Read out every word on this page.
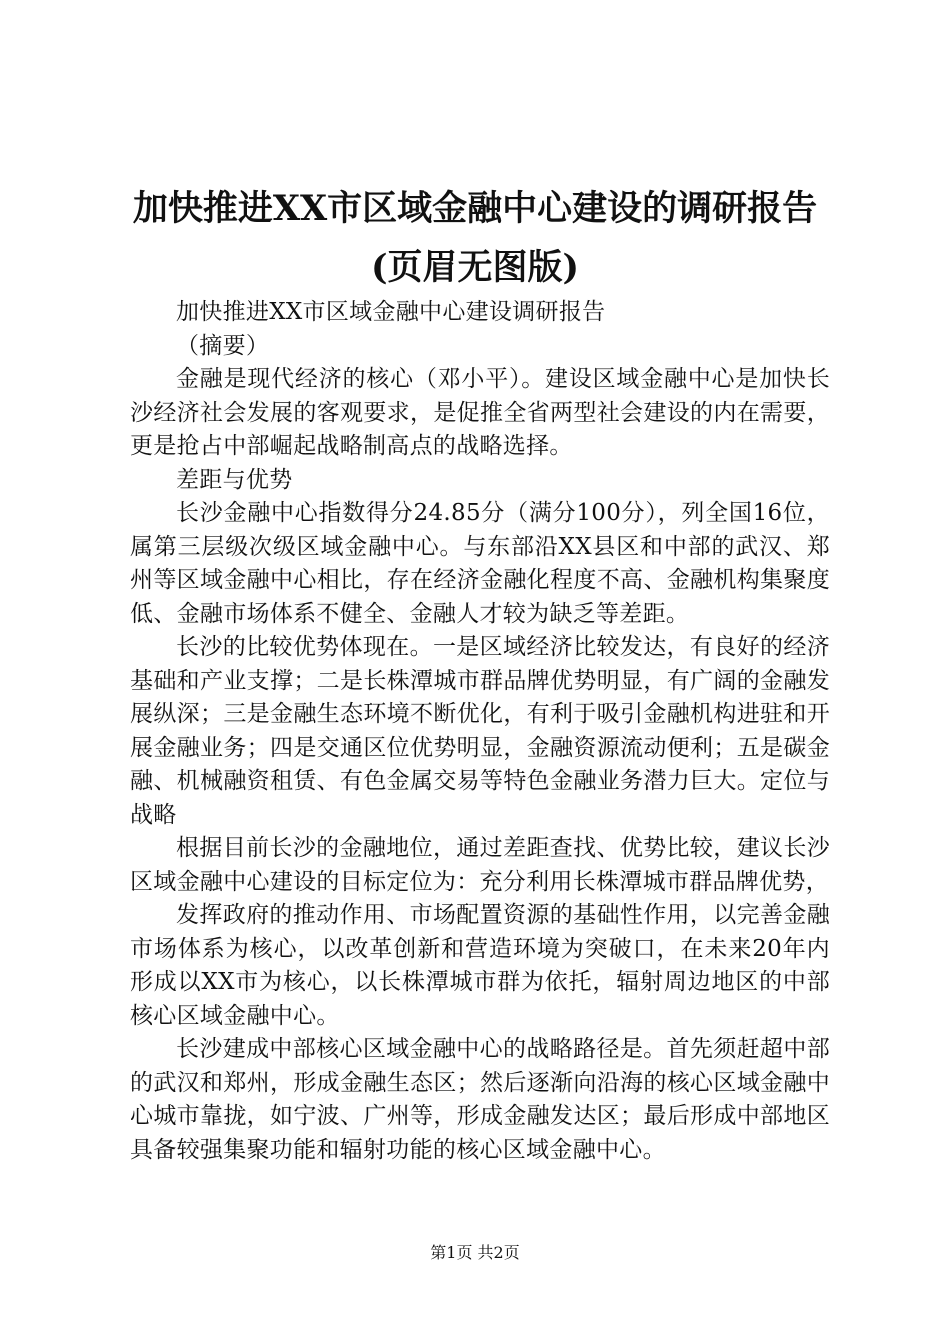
加快推进XX市区域金融中心建设的调研报告
(页眉无图版)

加快推进XX市区域金融中心建设调研报告

（摘要）

金融是现代经济的核心（邓小平）。建设区域金融中心是加快长沙经济社会发展的客观要求，是促推全省两型社会建设的内在需要，更是抢占中部崛起战略制高点的战略选择。

差距与优势

长沙金融中心指数得分24.85分（满分100分），列全国16位，属第三层级次级区域金融中心。与东部沿XX县区和中部的武汉、郑州等区域金融中心相比，存在经济金融化程度不高、金融机构集聚度低、金融市场体系不健全、金融人才较为缺乏等差距。

长沙的比较优势体现在。一是区域经济比较发达，有良好的经济基础和产业支撑；二是长株潭城市群品牌优势明显，有广阔的金融发展纵深；三是金融生态环境不断优化，有利于吸引金融机构进驻和开展金融业务；四是交通区位优势明显，金融资源流动便利；五是碳金融、机械融资租赁、有色金属交易等特色金融业务潜力巨大。定位与战略

根据目前长沙的金融地位，通过差距查找、优势比较，建议长沙区域金融中心建设的目标定位为：充分利用长株潭城市群品牌优势，

发挥政府的推动作用、市场配置资源的基础性作用，以完善金融市场体系为核心，以改革创新和营造环境为突破口，在未来20年内形成以XX市为核心，以长株潭城市群为依托，辐射周边地区的中部核心区域金融中心。

长沙建成中部核心区域金融中心的战略路径是。首先须赶超中部的武汉和郑州，形成金融生态区；然后逐渐向沿海的核心区域金融中心城市靠拢，如宁波、广州等，形成金融发达区；最后形成中部地区具备较强集聚功能和辐射功能的核心区域金融中心。

第1页 共2页
